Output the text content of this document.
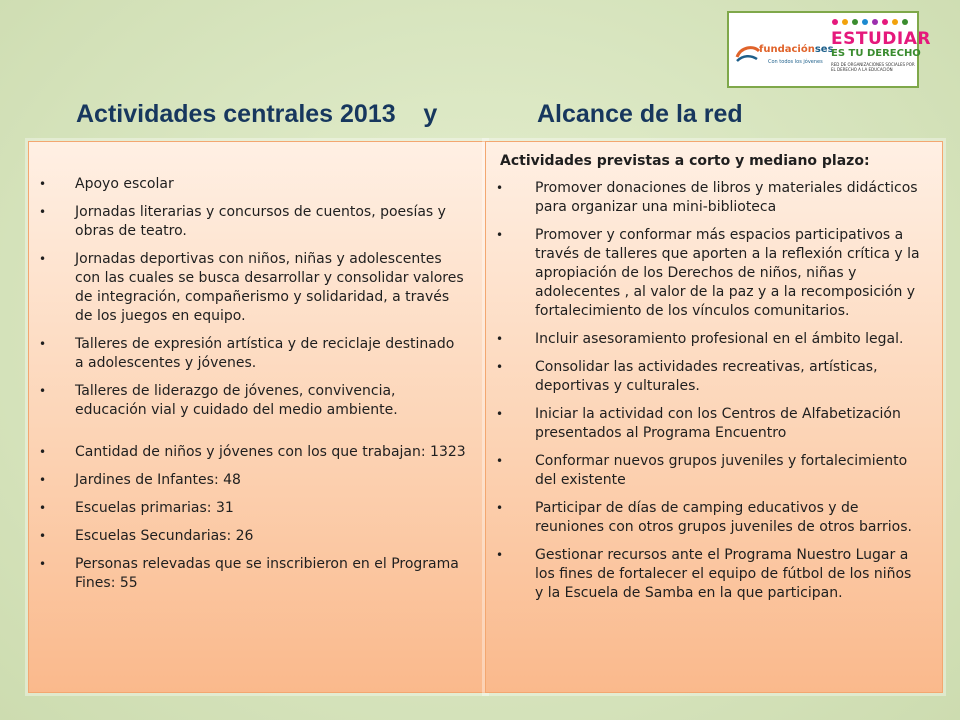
fundaciónses
Con todos los jóvenes
ESTUDIAR
ES TU DERECHO
RED DE ORGANIZACIONES SOCIALES POR EL DERECHO A LA EDUCACIÓN
Actividades centrales 2013    y	Alcance de la red
• Apoyo escolar
• Jornadas literarias y concursos de cuentos, poesías y obras de teatro.
• Jornadas deportivas con niños, niñas y adolescentes con las cuales se busca desarrollar y consolidar valores de integración, compañerismo y solidaridad, a través de los juegos en equipo.
• Talleres de expresión artística y de reciclaje destinado a adolescentes y jóvenes.
• Talleres de liderazgo de jóvenes, convivencia, educación vial y cuidado del medio ambiente.
• Cantidad de niños y jóvenes con los que trabajan: 1323
• Jardines de Infantes: 48
• Escuelas primarias: 31
• Escuelas Secundarias: 26
• Personas relevadas que se inscribieron en el Programa Fines: 55
Actividades previstas a corto y mediano plazo:
• Promover donaciones de libros y materiales didácticos para organizar una mini-biblioteca
• Promover y conformar más espacios participativos a través de talleres que aporten a la reflexión crítica y la apropiación de los Derechos de niños, niñas y adolecentes , al valor de la paz y a la recomposición y fortalecimiento de los vínculos comunitarios.
• Incluir asesoramiento profesional en el ámbito legal.
• Consolidar las actividades recreativas, artísticas, deportivas y culturales.
• Iniciar la actividad con los Centros de Alfabetización presentados al Programa Encuentro
• Conformar nuevos grupos juveniles y fortalecimiento del existente
• Participar de días de camping educativos y de reuniones con otros grupos juveniles de otros barrios.
• Gestionar recursos ante el Programa Nuestro Lugar a los fines de fortalecer el equipo de fútbol de los niños y la Escuela de Samba en la que participan.
